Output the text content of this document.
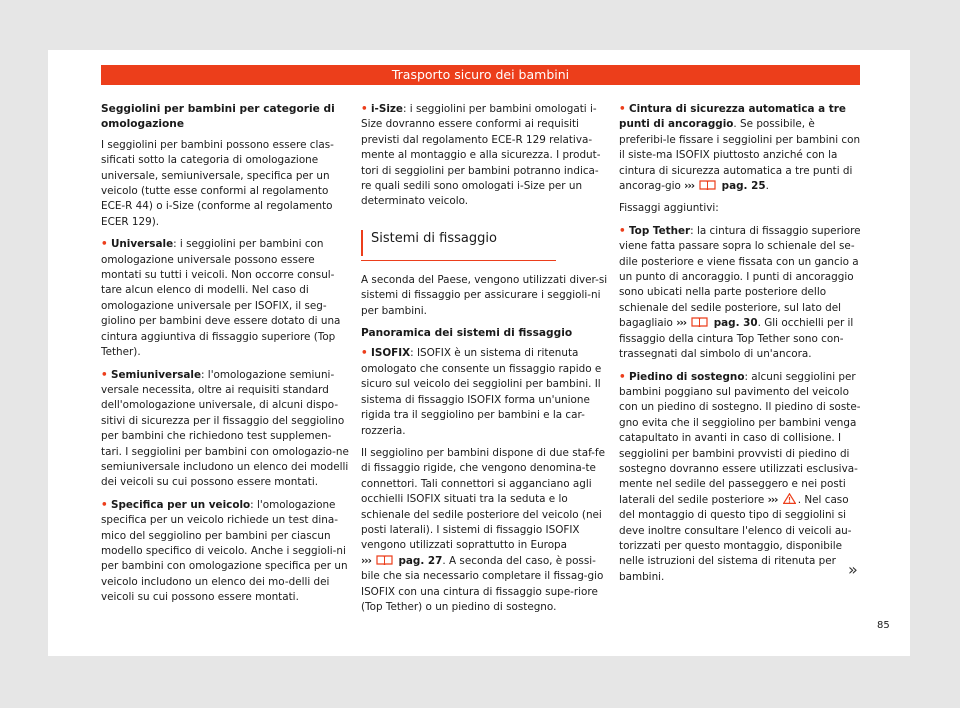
Trasporto sicuro dei bambini

Seggiolini per bambini per categorie di omologazione

I seggiolini per bambini possono essere clas-sificati sotto la categoria di omologazione universale, semiuniversale, specifica per un veicolo (tutte esse conformi al regolamento ECE-R 44) o i-Size (conforme al regolamento ECER 129).

• Universale: i seggiolini per bambini con omologazione universale possono essere montati su tutti i veicoli. Non occorre consul-tare alcun elenco di modelli. Nel caso di omologazione universale per ISOFIX, il seg-giolino per bambini deve essere dotato di una cintura aggiuntiva di fissaggio superiore (Top Tether).

• Semiuniversale: l'omologazione semiuni-versale necessita, oltre ai requisiti standard dell'omologazione universale, di alcuni dispo-sitivi di sicurezza per il fissaggio del seggiolino per bambini che richiedono test supplemen-tari. I seggiolini per bambini con omologazio-ne semiuniversale includono un elenco dei modelli dei veicoli su cui possono essere montati.

• Specifica per un veicolo: l'omologazione specifica per un veicolo richiede un test dina-mico del seggiolino per bambini per ciascun modello specifico di veicolo. Anche i seggioli-ni per bambini con omologazione specifica per un veicolo includono un elenco dei mo-delli dei veicoli su cui possono essere montati.

• i-Size: i seggiolini per bambini omologati i-Size dovranno essere conformi ai requisiti previsti dal regolamento ECE-R 129 relativa-mente al montaggio e alla sicurezza. I produt-tori di seggiolini per bambini potranno indica-re quali sedili sono omologati i-Size per un determinato veicolo.

Sistemi di fissaggio

A seconda del Paese, vengono utilizzati diver-si sistemi di fissaggio per assicurare i seggioli-ni per bambini.

Panoramica dei sistemi di fissaggio

• ISOFIX: ISOFIX è un sistema di ritenuta omologato che consente un fissaggio rapido e sicuro sul veicolo dei seggiolini per bambini. Il sistema di fissaggio ISOFIX forma un'unione rigida tra il seggiolino per bambini e la car-rozzeria.

Il seggiolino per bambini dispone di due staf-fe di fissaggio rigide, che vengono denomina-te connettori. Tali connettori si agganciano agli occhielli ISOFIX situati tra la seduta e lo schienale del sedile posteriore del veicolo (nei posti laterali). I sistemi di fissaggio ISOFIX vengono utilizzati soprattutto in Europa
›››	pag. 27. A seconda del caso, è possi-bile che sia necessario completare il fissag-gio ISOFIX con una cintura di fissaggio supe-riore (Top Tether) o un piedino di sostegno.

• Cintura di sicurezza automatica a tre punti di ancoraggio. Se possibile, è preferibi-le fissare i seggiolini per bambini con il siste-ma ISOFIX piuttosto anziché con la cintura di sicurezza automatica a tre punti di ancorag-gio ›››	pag. 25.

Fissaggi aggiuntivi:

• Top Tether: la cintura di fissaggio superiore viene fatta passare sopra lo schienale del se-dile posteriore e viene fissata con un gancio a un punto di ancoraggio. I punti di ancoraggio sono ubicati nella parte posteriore dello schienale del sedile posteriore, sul lato del bagagliaio ›››	pag. 30. Gli occhielli per il fissaggio della cintura Top Tether sono con-trassegnati dal simbolo di un'ancora.

• Piedino di sostegno: alcuni seggiolini per bambini poggiano sul pavimento del veicolo con un piedino di sostegno. Il piedino di soste-gno evita che il seggiolino per bambini venga catapultato in avanti in caso di collisione. I seggiolini per bambini provvisti di piedino di sostegno dovranno essere utilizzati esclusiva-mente nel sedile del passeggero e nei posti laterali del sedile posteriore ››› . Nel caso del montaggio di questo tipo di seggiolini si deve inoltre consultare l'elenco di veicoli au-torizzati per questo montaggio, disponibile nelle istruzioni del sistema di ritenuta per bambini.	»
85
